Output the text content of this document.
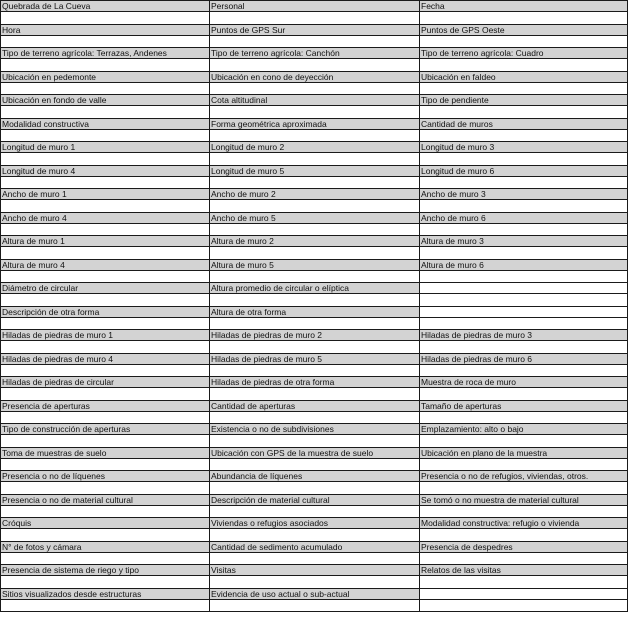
Quebrada de La Cueva	Personal	Fecha

Hora	Puntos de GPS Sur	Puntos de GPS Oeste

Tipo de terreno agrícola: Terrazas, Andenes	Tipo de terreno agrícola: Canchón	Tipo de terreno agrícola: Cuadro

Ubicación en pedemonte	Ubicación en cono de deyección	Ubicación en faldeo

Ubicación en fondo de valle	Cota altitudinal	Tipo de pendiente

Modalidad constructiva	Forma geométrica aproximada	Cantidad de muros

Longitud de muro 1	Longitud de muro 2	Longitud de muro 3

Longitud de muro 4	Longitud de muro 5	Longitud de muro 6

Ancho de muro 1	Ancho de muro 2	Ancho de muro 3

Ancho de muro 4	Ancho de muro 5	Ancho de muro 6

Altura de muro 1	Altura de muro 2	Altura de muro 3

Altura de muro 4	Altura de muro 5	Altura de muro 6

Diámetro de circular	Altura promedio de circular o elíptica	

Descripción de otra forma	Altura de otra forma	

Hiladas de piedras de muro 1	Hiladas de piedras de muro 2	Hiladas de piedras de muro 3

Hiladas de piedras de muro 4	Hiladas de piedras de muro 5	Hiladas de piedras de muro 6

Hiladas de piedras de circular	Hiladas de piedras de otra forma	Muestra de roca de muro

Presencia de aperturas	Cantidad de aperturas	Tamaño de aperturas

Tipo de construcción de aperturas	Existencia o no de subdivisiones	Emplazamiento: alto o bajo

Toma de muestras de suelo	Ubicación con GPS de la muestra de suelo	Ubicación en plano de la muestra

Presencia o no de líquenes	Abundancia de líquenes	Presencia o no de refugios, viviendas, otros.

Presencia o no de material cultural	Descripción de material cultural	Se tomó o no muestra de material cultural

Cróquis	Viviendas o refugios asociados	Modalidad constructiva: refugio o vivienda

N° de fotos y cámara	Cantidad de sedimento acumulado	Presencia de despedres

Presencia de sistema de riego y tipo	Visitas	Relatos de las visitas

Sitios visualizados desde estructuras	Evidencia de uso actual o sub-actual	
